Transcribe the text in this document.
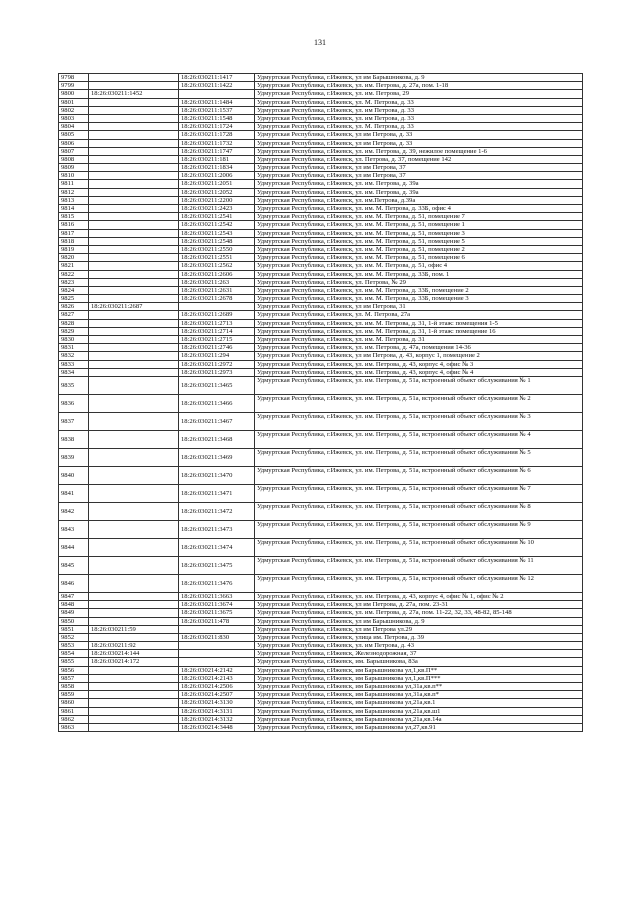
131
9798		18:26:030211:1417	Удмуртская Республика, г.Ижевск, ул им Барышникова, д. 9
9799		18:26:030211:1422	Удмуртская Республика, г.Ижевск, ул. им. Петрова, д. 27а, пом. 1-18
9800	18:26:030211:1452		Удмуртская Республика, г.Ижевск, ул. им. Петрова, 29
9801		18:26:030211:1484	Удмуртская Республика, г.Ижевск, ул. М. Петрова, д. 33
9802		18:26:030211:1537	Удмуртская Республика, г.Ижевск, ул. им Петрова, д. 33
9803		18:26:030211:1548	Удмуртская Республика, г.Ижевск, ул. им Петрова, д. 33
9804		18:26:030211:1724	Удмуртская Республика, г.Ижевск, ул. М. Петрова, д. 33
9805		18:26:030211:1728	Удмуртская Республика, г.Ижевск, ул им Петрова, д. 33
9806		18:26:030211:1732	Удмуртская Республика, г.Ижевск, ул им Петрова, д. 33
9807		18:26:030211:1747	Удмуртская Республика, г.Ижевск, ул. им. Петрова, д. 39, нежилое помещение 1-6
9808		18:26:030211:181	Удмуртская Республика, г.Ижевск, ул. Петрова, д. 37, помещение 142
9809		18:26:030211:1834	Удмуртская Республика, г.Ижевск, ул им Петрова, 37
9810		18:26:030211:2006	Удмуртская Республика, г.Ижевск, ул им Петрова, 37
9811		18:26:030211:2051	Удмуртская Республика, г.Ижевск, ул. им. Петрова, д. 39а
9812		18:26:030211:2052	Удмуртская Республика, г.Ижевск, ул. им. Петрова, д. 39а
9813		18:26:030211:2200	Удмуртская Республика, г.Ижевск, ул. им.Петрова, д.39а
9814		18:26:030211:2423	Удмуртская Республика, г.Ижевск, ул. им. М. Петрова, д. 33Б, офис 4
9815		18:26:030211:2541	Удмуртская Республика, г.Ижевск, ул. им. М. Петрова, д. 51, помещение 7
9816		18:26:030211:2542	Удмуртская Республика, г.Ижевск, ул. им. М. Петрова, д. 51, помещение 1
9817		18:26:030211:2543	Удмуртская Республика, г.Ижевск, ул. им. М. Петрова, д. 51, помещение 3
9818		18:26:030211:2548	Удмуртская Республика, г.Ижевск, ул. им. М. Петрова, д. 51, помещение 5
9819		18:26:030211:2550	Удмуртская Республика, г.Ижевск, ул. им. М. Петрова, д. 51, помещение 2
9820		18:26:030211:2551	Удмуртская Республика, г.Ижевск, ул. им. М. Петрова, д. 51, помещение 6
9821		18:26:030211:2562	Удмуртская Республика, г.Ижевск, ул. им. М. Петрова, д. 51, офис 4
9822		18:26:030211:2606	Удмуртская Республика, г.Ижевск, ул. им. М. Петрова, д. 33Б, пом. 1
9823		18:26:030211:263	Удмуртская Республика, г.Ижевск, ул. Петрова, № 29
9824		18:26:030211:2631	Удмуртская Республика, г.Ижевск, ул. им. М. Петрова, д. 33Б, помещение 2
9825		18:26:030211:2678	Удмуртская Республика, г.Ижевск, ул. им. М. Петрова, д. 33Б, помещение 3
9826	18:26:030211:2687		Удмуртская Республика, г.Ижевск, ул им Петрова, 31
9827		18:26:030211:2689	Удмуртская Республика, г.Ижевск, ул. М. Петрова, 27а
9828		18:26:030211:2713	Удмуртская Республика, г.Ижевск, ул. им. М. Петрова, д. 31, 1-й этаж: помещения 1-5
9829		18:26:030211:2714	Удмуртская Республика, г.Ижевск, ул. им. М. Петрова, д. 31, 1-й этаж: помещение 16
9830		18:26:030211:2715	Удмуртская Республика, г.Ижевск, ул. им. М. Петрова, д. 31
9831		18:26:030211:2746	Удмуртская Республика, г.Ижевск, ул. им. Петрова, д. 47а, помещения 14-36
9832		18:26:030211:294	Удмуртская Республика, г.Ижевск, ул им Петрова, д. 43, корпус 1, помещение 2
9833		18:26:030211:2972	Удмуртская Республика, г.Ижевск, ул. им. Петрова, д. 43, корпус 4, офис № 3
9834		18:26:030211:2973	Удмуртская Республика, г.Ижевск, ул. им. Петрова, д. 43, корпус 4, офис № 4
9835		18:26:030211:3465	Удмуртская Республика, г.Ижевск, ул. им. Петрова, д. 51а, встроенный объект обслуживания № 1
9836		18:26:030211:3466	Удмуртская Республика, г.Ижевск, ул. им. Петрова, д. 51а, встроенный объект обслуживания № 2
9837		18:26:030211:3467	Удмуртская Республика, г.Ижевск, ул. им. Петрова, д. 51а, встроенный объект обслуживания № 3
9838		18:26:030211:3468	Удмуртская Республика, г.Ижевск, ул. им. Петрова, д. 51а, встроенный объект обслуживания № 4
9839		18:26:030211:3469	Удмуртская Республика, г.Ижевск, ул. им. Петрова, д. 51а, встроенный объект обслуживания № 5
9840		18:26:030211:3470	Удмуртская Республика, г.Ижевск, ул. им. Петрова, д. 51а, встроенный объект обслуживания № 6
9841		18:26:030211:3471	Удмуртская Республика, г.Ижевск, ул. им. Петрова, д. 51а, встроенный объект обслуживания № 7
9842		18:26:030211:3472	Удмуртская Республика, г.Ижевск, ул. им. Петрова, д. 51а, встроенный объект обслуживания № 8
9843		18:26:030211:3473	Удмуртская Республика, г.Ижевск, ул. им. Петрова, д. 51а, встроенный объект обслуживания № 9
9844		18:26:030211:3474	Удмуртская Республика, г.Ижевск, ул. им. Петрова, д. 51а, встроенный объект обслуживания № 10
9845		18:26:030211:3475	Удмуртская Республика, г.Ижевск, ул. им. Петрова, д. 51а, встроенный объект обслуживания № 11
9846		18:26:030211:3476	Удмуртская Республика, г.Ижевск, ул. им. Петрова, д. 51а, встроенный объект обслуживания № 12
9847		18:26:030211:3663	Удмуртская Республика, г.Ижевск, ул. им. Петрова, д. 43, корпус 4, офис № 1, офис № 2
9848		18:26:030211:3674	Удмуртская Республика, г.Ижевск, ул им Петрова, д. 27а, пом. 23-31
9849		18:26:030211:3675	Удмуртская Республика, г.Ижевск, ул. им. Петрова, д. 27а, пом. 11-22, 32, 33, 48-82, 85-148
9850		18:26:030211:478	Удмуртская Республика, г.Ижевск, ул им Барышникова, д. 9
9851	18:26:030211:59		Удмуртская Республика, г.Ижевск, ул им Петрова ул.29
9852		18:26:030211:830	Удмуртская Республика, г.Ижевск, улица им. Петрова, д. 39
9853	18:26:030211:92		Удмуртская Республика, г.Ижевск, ул. им Петрова, д. 43
9854	18:26:030214:144		Удмуртская Республика, г.Ижевск, Железнодорожная, 37
9855	18:26:030214:172		Удмуртская Республика, г.Ижевск, им. Барышникова, 83а
9856		18:26:030214:2142	Удмуртская Республика, г.Ижевск, им Барышникова ул,1,кв.П**
9857		18:26:030214:2143	Удмуртская Республика, г.Ижевск, им Барышникова ул,1,кв.П***
9858		18:26:030214:2506	Удмуртская Республика, г.Ижевск, им Барышникова ул,31а,кв.п**
9859		18:26:030214:2507	Удмуртская Республика, г.Ижевск, им Барышникова ул,31а,кв.п*
9860		18:26:030214:3130	Удмуртская Республика, г.Ижевск, им Барышникова ул,21а,кв.1
9861		18:26:030214:3131	Удмуртская Республика, г.Ижевск, им Барышникова ул,21а,кв.ш1
9862		18:26:030214:3132	Удмуртская Республика, г.Ижевск, им Барышникова ул,21а,кв.14а
9863		18:26:030214:3448	Удмуртская Республика, г.Ижевск, им Барышникова ул,27,кв.91
